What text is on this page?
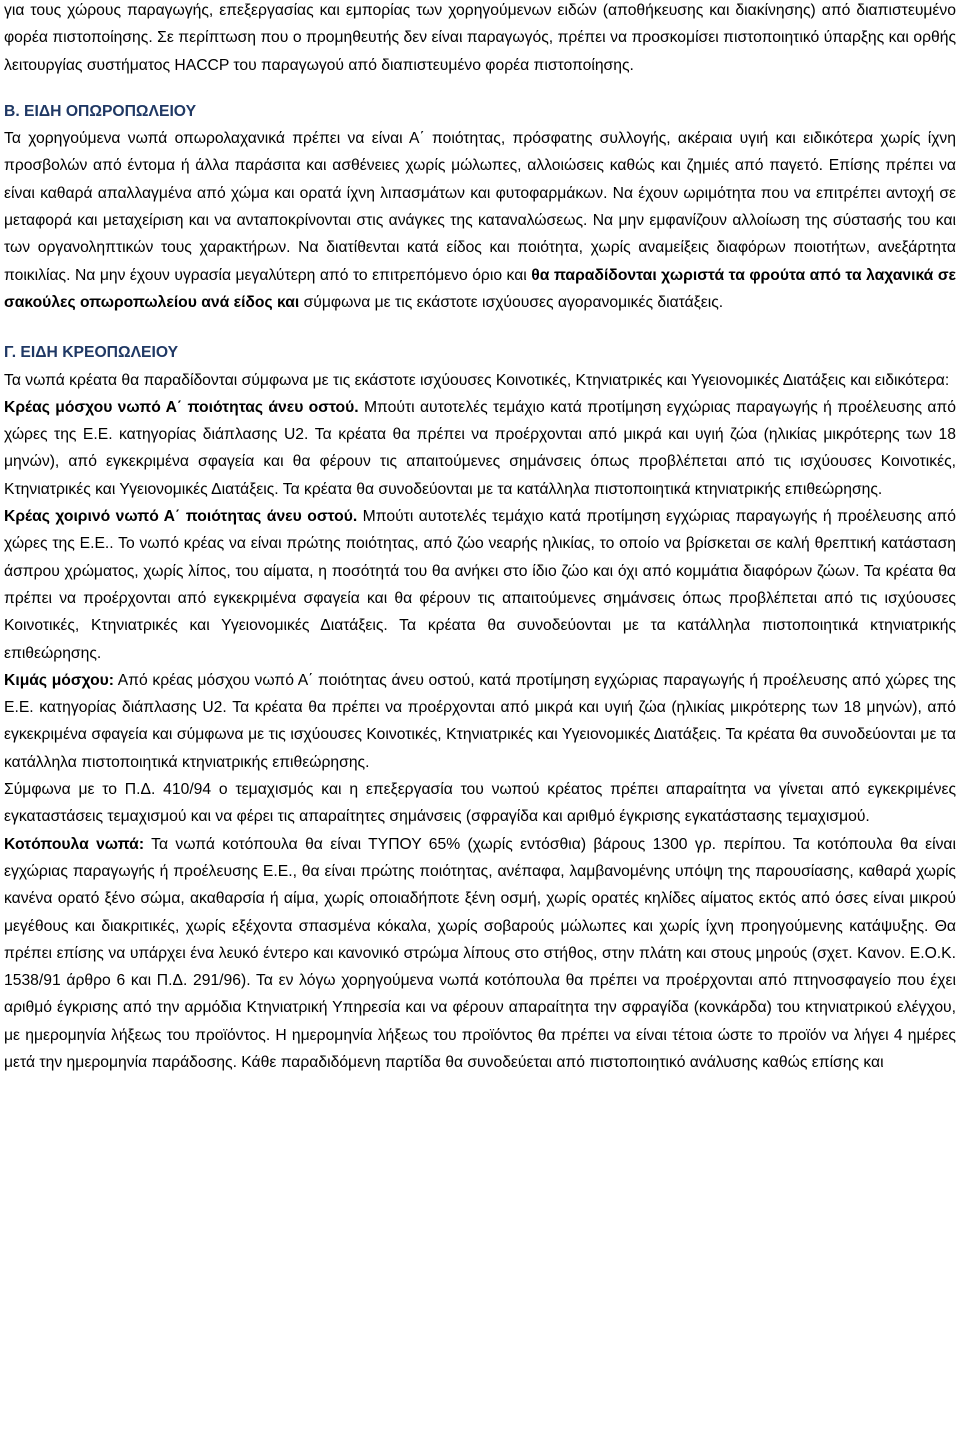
για τους χώρους παραγωγής, επεξεργασίας και εμπορίας των χορηγούμενων ειδών (αποθήκευσης και διακίνησης) από διαπιστευμένο φορέα πιστοποίησης. Σε περίπτωση που ο προμηθευτής δεν είναι παραγωγός, πρέπει να προσκομίσει πιστοποιητικό ύπαρξης και ορθής λειτουργίας συστήματος HACCP του παραγωγού από διαπιστευμένο φορέα πιστοποίησης.

Β. ΕΙΔΗ ΟΠΩΡΟΠΩΛΕΙΟΥ

Τα χορηγούμενα νωπά οπωρολαχανικά πρέπει να είναι Α΄ ποιότητας, πρόσφατης συλλογής, ακέραια υγιή και ειδικότερα χωρίς ίχνη προσβολών από έντομα ή άλλα παράσιτα και ασθένειες χωρίς μώλωπες, αλλοιώσεις καθώς και ζημιές από παγετό. Επίσης πρέπει να είναι καθαρά απαλλαγμένα από χώμα και ορατά ίχνη λιπασμάτων και φυτοφαρμάκων. Να έχουν ωριμότητα που να επιτρέπει αντοχή σε μεταφορά και μεταχείριση και να ανταποκρίνονται στις ανάγκες της καταναλώσεως. Να μην εμφανίζουν αλλοίωση της σύστασής του και των οργανοληπτικών τους χαρακτήρων. Να διατίθενται κατά είδος και ποιότητα, χωρίς αναμείξεις διαφόρων ποιοτήτων, ανεξάρτητα ποικιλίας. Να μην έχουν υγρασία μεγαλύτερη από το επιτρεπόμενο όριο και θα παραδίδονται χωριστά τα φρούτα από τα λαχανικά σε σακούλες οπωροπωλείου ανά είδος και σύμφωνα με τις εκάστοτε ισχύουσες αγορανομικές διατάξεις.

Γ. ΕΙΔΗ ΚΡΕΟΠΩΛΕΙΟΥ

Τα νωπά κρέατα θα παραδίδονται σύμφωνα με τις εκάστοτε ισχύουσες Κοινοτικές, Κτηνιατρικές και Υγειονομικές Διατάξεις και ειδικότερα:

Κρέας μόσχου νωπό Α΄ ποιότητας άνευ οστού. Μπούτι αυτοτελές τεμάχιο κατά προτίμηση εγχώριας παραγωγής ή προέλευσης από χώρες της Ε.Ε. κατηγορίας διάπλασης U2. Τα κρέατα θα πρέπει να προέρχονται από μικρά και υγιή ζώα (ηλικίας μικρότερης των 18 μηνών), από εγκεκριμένα σφαγεία και θα φέρουν τις απαιτούμενες σημάνσεις όπως προβλέπεται από τις ισχύουσες Κοινοτικές, Κτηνιατρικές και Υγειονομικές Διατάξεις. Τα κρέατα θα συνοδεύονται με τα κατάλληλα πιστοποιητικά κτηνιατρικής επιθεώρησης.

Κρέας χοιρινό νωπό Α΄ ποιότητας άνευ οστού. Μπούτι αυτοτελές τεμάχιο κατά προτίμηση εγχώριας παραγωγής ή προέλευσης από χώρες της Ε.Ε.. Το νωπό κρέας να είναι πρώτης ποιότητας, από ζώο νεαρής ηλικίας, το οποίο να βρίσκεται σε καλή θρεπτική κατάσταση άσπρου χρώματος, χωρίς λίπος, του αίματα, η ποσότητά του θα ανήκει στο ίδιο ζώο και όχι από κομμάτια διαφόρων ζώων. Τα κρέατα θα πρέπει να προέρχονται από εγκεκριμένα σφαγεία και θα φέρουν τις απαιτούμενες σημάνσεις όπως προβλέπεται από τις ισχύουσες Κοινοτικές, Κτηνιατρικές και Υγειονομικές Διατάξεις. Τα κρέατα θα συνοδεύονται με τα κατάλληλα πιστοποιητικά κτηνιατρικής επιθεώρησης.

Κιμάς μόσχου: Από κρέας μόσχου νωπό Α΄ ποιότητας άνευ οστού, κατά προτίμηση εγχώριας παραγωγής ή προέλευσης από χώρες της Ε.Ε. κατηγορίας διάπλασης U2. Τα κρέατα θα πρέπει να προέρχονται από μικρά και υγιή ζώα (ηλικίας μικρότερης των 18 μηνών), από εγκεκριμένα σφαγεία και σύμφωνα με τις ισχύουσες Κοινοτικές, Κτηνιατρικές και Υγειονομικές Διατάξεις. Τα κρέατα θα συνοδεύονται με τα κατάλληλα πιστοποιητικά κτηνιατρικής επιθεώρησης.

Σύμφωνα με το Π.Δ. 410/94 ο τεμαχισμός και η επεξεργασία του νωπού κρέατος πρέπει απαραίτητα να γίνεται από εγκεκριμένες εγκαταστάσεις τεμαχισμού και να φέρει τις απαραίτητες σημάνσεις (σφραγίδα και αριθμό έγκρισης εγκατάστασης τεμαχισμού.

Κοτόπουλα νωπά: Τα νωπά κοτόπουλα θα είναι ΤΥΠΟΥ 65% (χωρίς εντόσθια) βάρους 1300 γρ. περίπου. Τα κοτόπουλα θα είναι εγχώριας παραγωγής ή προέλευσης Ε.Ε., θα είναι πρώτης ποιότητας, ανέπαφα, λαμβανομένης υπόψη της παρουσίασης, καθαρά χωρίς κανένα ορατό ξένο σώμα, ακαθαρσία ή αίμα, χωρίς οποιαδήποτε ξένη οσμή, χωρίς ορατές κηλίδες αίματος εκτός από όσες είναι μικρού μεγέθους και διακριτικές, χωρίς εξέχοντα σπασμένα κόκαλα, χωρίς σοβαρούς μώλωπες και χωρίς ίχνη προηγούμενης κατάψυξης. Θα πρέπει επίσης να υπάρχει ένα λευκό έντερο και κανονικό στρώμα λίπους στο στήθος, στην πλάτη και στους μηρούς (σχετ. Κανον. Ε.Ο.Κ. 1538/91 άρθρο 6 και Π.Δ. 291/96). Τα εν λόγω χορηγούμενα νωπά κοτόπουλα θα πρέπει να προέρχονται από πτηνοσφαγείο που έχει αριθμό έγκρισης από την αρμόδια Κτηνιατρική Υπηρεσία και να φέρουν απαραίτητα την σφραγίδα (κονκάρδα) του κτηνιατρικού ελέγχου, με ημερομηνία λήξεως του προϊόντος. Η ημερομηνία λήξεως του προϊόντος θα πρέπει να είναι τέτοια ώστε το προϊόν να λήγει 4 ημέρες μετά την ημερομηνία παράδοσης. Κάθε παραδιδόμενη παρτίδα θα συνοδεύεται από πιστοποιητικό ανάλυσης καθώς επίσης και
